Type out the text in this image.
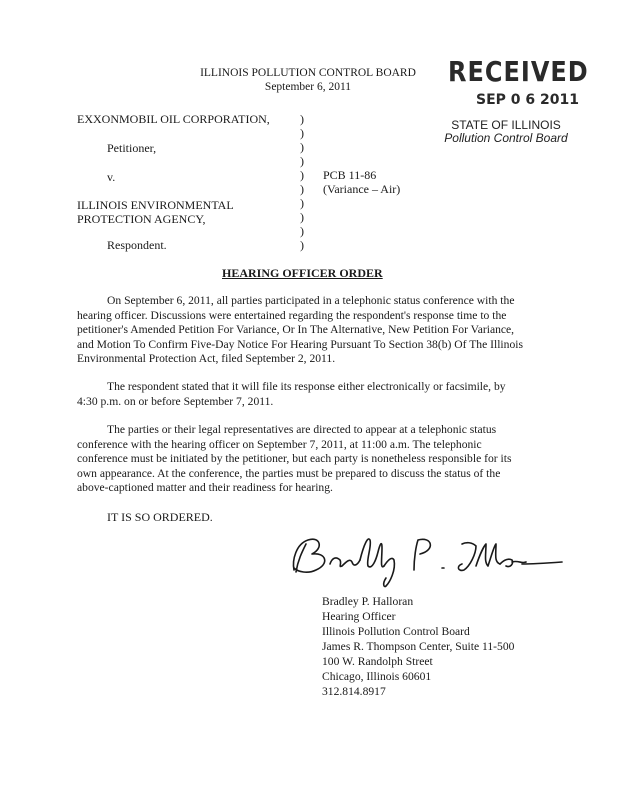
ILLINOIS POLLUTION CONTROL BOARD
September 6, 2011	RECEIVED
SEP 0 6 2011
STATE OF ILLINOIS
Pollution Control Board
EXXONMOBIL OIL CORPORATION,
Petitioner,
v.
ILLINOIS ENVIRONMENTAL
PROTECTION AGENCY,
Respondent.
)
)
)
)
)
)
)
)
)
)
PCB 11-86
(Variance – Air)
HEARING OFFICER ORDER
On September 6, 2011, all parties participated in a telephonic status conference with the
hearing officer. Discussions were entertained regarding the respondent's response time to the
petitioner's Amended Petition For Variance, Or In The Alternative, New Petition For Variance,
and Motion To Confirm Five-Day Notice For Hearing Pursuant To Section 38(b) Of The Illinois
Environmental Protection Act, filed September 2, 2011.
The respondent stated that it will file its response either electronically or facsimile, by
4:30 p.m. on or before September 7, 2011.
The parties or their legal representatives are directed to appear at a telephonic status
conference with the hearing officer on September 7, 2011, at 11:00 a.m. The telephonic
conference must be initiated by the petitioner, but each party is nonetheless responsible for its
own appearance. At the conference, the parties must be prepared to discuss the status of the
above-captioned matter and their readiness for hearing.
IT IS SO ORDERED.
Bradley P. Halloran
Hearing Officer
Illinois Pollution Control Board
James R. Thompson Center, Suite 11-500
100 W. Randolph Street
Chicago, Illinois 60601
312.814.8917
